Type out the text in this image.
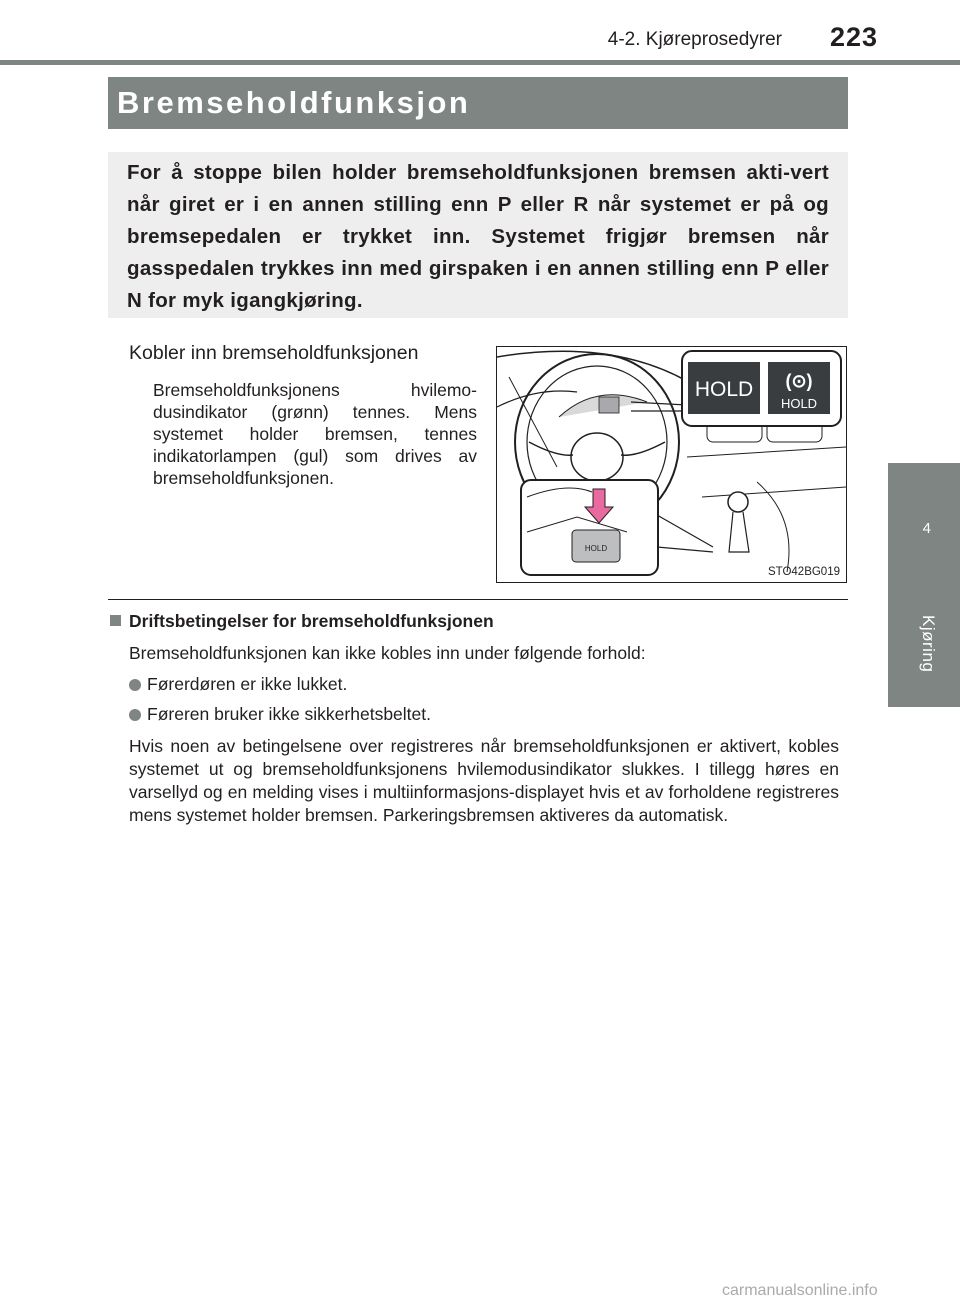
4-2. Kjøreprosedyrer 223
4
Kjøring
Bremseholdfunksjon

For å stoppe bilen holder bremseholdfunksjonen bremsen akti-vert når giret er i en annen stilling enn P eller R når systemet er på og bremsepedalen er trykket inn. Systemet frigjør bremsen når gasspedalen trykkes inn med girspaken i en annen stilling enn P eller N for myk igangkjøring.

Kobler inn bremseholdfunksjonen

Bremseholdfunksjonens hvilemo-dusindikator (grønn) tennes. Mens systemet holder bremsen, tennes indikatorlampen (gul) som drives av bremseholdfunksjonen.

HOLD (⊙)
HOLD
HOLD
STO42BG019
Driftsbetingelser for bremseholdfunksjonen
Bremseholdfunksjonen kan ikke kobles inn under følgende forhold:
Førerdøren er ikke lukket.
Føreren bruker ikke sikkerhetsbeltet.

Hvis noen av betingelsene over registreres når bremseholdfunksjonen er aktivert, kobles systemet ut og bremseholdfunksjonens hvilemodusindikator slukkes. I tillegg høres en varsellyd og en melding vises i multiinformasjons-displayet hvis et av forholdene registreres mens systemet holder bremsen. Parkeringsbremsen aktiveres da automatisk.

carmanualsonline.info
